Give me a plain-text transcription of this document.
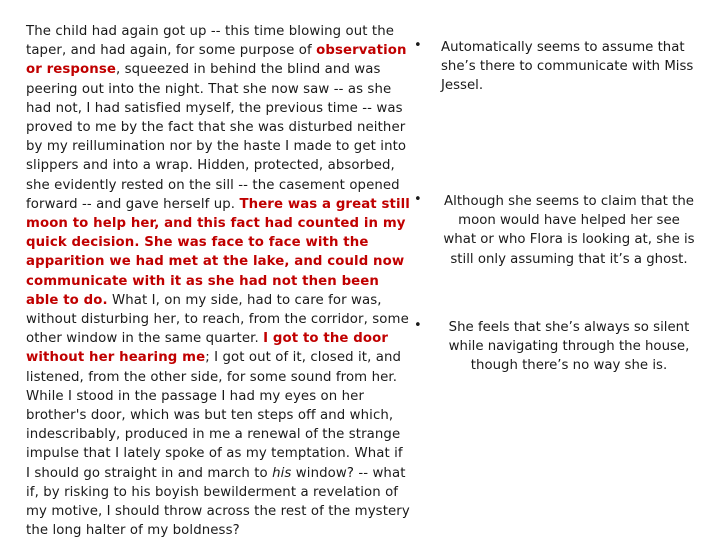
The child had again got up -- this time blowing out the taper, and had again, for some purpose of observation or response, squeezed in behind the blind and was peering out into the night. That she now saw -- as she had not, I had satisfied myself, the previous time -- was proved to me by the fact that she was disturbed neither by my reillumination nor by the haste I made to get into slippers and into a wrap. Hidden, protected, absorbed, she evidently rested on the sill -- the casement opened forward -- and gave herself up. There was a great still moon to help her, and this fact had counted in my quick decision. She was face to face with the apparition we had met at the lake, and could now communicate with it as she had not then been able to do. What I, on my side, had to care for was, without disturbing her, to reach, from the corridor, some other window in the same quarter. I got to the door without her hearing me; I got out of it, closed it, and listened, from the other side, for some sound from her. While I stood in the passage I had my eyes on her brother's door, which was but ten steps off and which, indescribably, produced in me a renewal of the strange impulse that I lately spoke of as my temptation. What if I should go straight in and march to his window? -- what if, by risking to his boyish bewilderment a revelation of my motive, I should throw across the rest of the mystery the long halter of my boldness?
• Automatically seems to assume that she’s there to communicate with Miss Jessel.
• Although she seems to claim that the moon would have helped her see what or who Flora is looking at, she is still only assuming that it’s a ghost.
•	She feels that she’s always so silent while navigating through the house, though there’s no way she is.
